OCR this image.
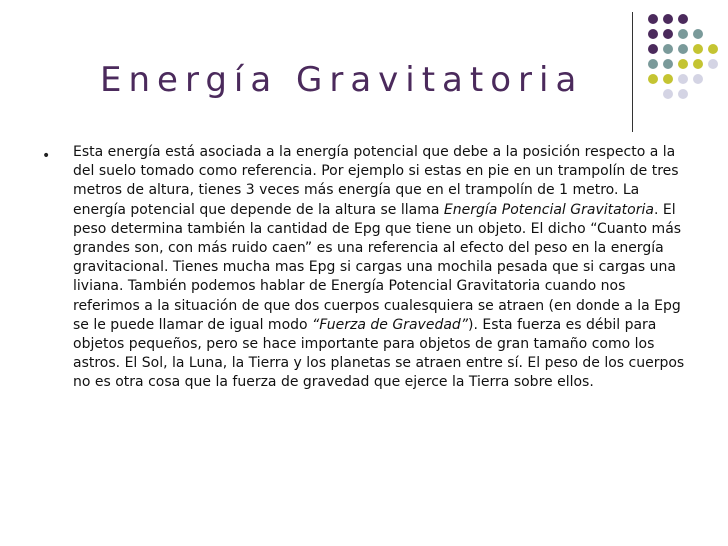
Energía Gravitatoria
• Esta energía está asociada a la energía potencial que debe a la posición respecto a la del suelo tomado como referencia. Por ejemplo si estas en pie en un trampolín de tres metros de altura, tienes 3 veces más energía que en el trampolín de 1 metro. La energía potencial que depende de la altura se llama Energía Potencial Gravitatoria. El peso determina también la cantidad de Epg que tiene un objeto. El dicho “Cuanto más grandes son, con más ruido caen” es una referencia al efecto del peso en la energía gravitacional. Tienes mucha mas Epg si cargas una mochila pesada que si cargas una liviana. También podemos hablar de Energía Potencial Gravitatoria cuando nos referimos a la situación de que dos cuerpos cualesquiera se atraen (en donde a la Epg se le puede llamar de igual modo “Fuerza de Gravedad”). Esta fuerza es débil para objetos pequeños, pero se hace importante para objetos de gran tamaño como los astros. El Sol, la Luna, la Tierra y los planetas se atraen entre sí. El peso de los cuerpos no es otra cosa que la fuerza de gravedad que ejerce la Tierra sobre ellos.
